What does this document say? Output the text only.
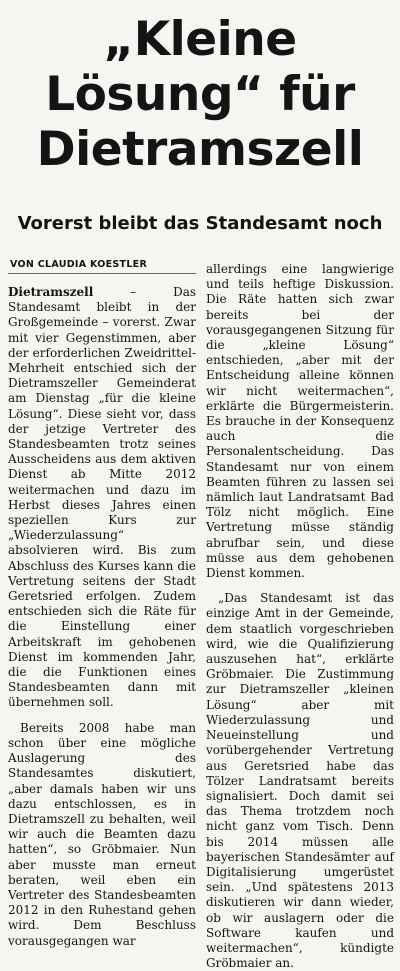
„Kleine
Lösung“ für
Dietramszell
Vorerst bleibt das Standesamt noch
VON CLAUDIA KOESTLER

Dietramszell – Das Standesamt bleibt in der Großgemeinde – vorerst. Zwar mit vier Gegenstimmen, aber der erforderlichen Zweidrittel-Mehrheit entschied sich der Dietramszeller Gemeinderat am Dienstag „für die kleine Lösung“. Diese sieht vor, dass der jetzige Vertreter des Standesbeamten trotz seines Ausscheidens aus dem aktiven Dienst ab Mitte 2012 weitermachen und dazu im Herbst dieses Jahres einen speziellen Kurs zur „Wiederzulassung“ absolvieren wird. Bis zum Abschluss des Kurses kann die Vertretung seitens der Stadt Geretsried erfolgen. Zudem entschieden sich die Räte für die Einstellung einer Arbeitskraft im gehobenen Dienst im kommenden Jahr, die die Funktionen eines Standesbeamten dann mit übernehmen soll.

Bereits 2008 habe man schon über eine mögliche Auslagerung des Standesamtes diskutiert, „aber damals haben wir uns dazu entschlossen, es in Dietramszell zu behalten, weil wir auch die Beamten dazu hatten“, so Gröbmaier. Nun aber musste man erneut beraten, weil eben ein Vertreter des Standesbeamten 2012 in den Ruhestand gehen wird. Dem Beschluss vorausgegangen war

allerdings eine langwierige und teils heftige Diskussion. Die Räte hatten sich zwar bereits bei der vorausgegangenen Sitzung für die „kleine Lösung“ entschieden, „aber mit der Entscheidung alleine können wir nicht weitermachen“, erklärte die Bürgermeisterin. Es brauche in der Konsequenz auch die Personalentscheidung. Das Standesamt nur von einem Beamten führen zu lassen sei nämlich laut Landratsamt Bad Tölz nicht möglich. Eine Vertretung müsse ständig abrufbar sein, und diese müsse aus dem gehobenen Dienst kommen.

„Das Standesamt ist das einzige Amt in der Gemeinde, dem staatlich vorgeschrieben wird, wie die Qualifizierung auszusehen hat“, erklärte Gröbmaier. Die Zustimmung zur Dietramszeller „kleinen Lösung“ aber mit Wiederzulassung und Neueinstellung und vorübergehender Vertretung aus Geretsried habe das Tölzer Landratsamt bereits signalisiert. Doch damit sei das Thema trotzdem noch nicht ganz vom Tisch. Denn bis 2014 müssen alle bayerischen Standesämter auf Digitalisierung umgerüstet sein. „Und spätestens 2013 diskutieren wir dann wieder, ob wir auslagern oder die Software kaufen und weitermachen“, kündigte Gröbmaier an.
